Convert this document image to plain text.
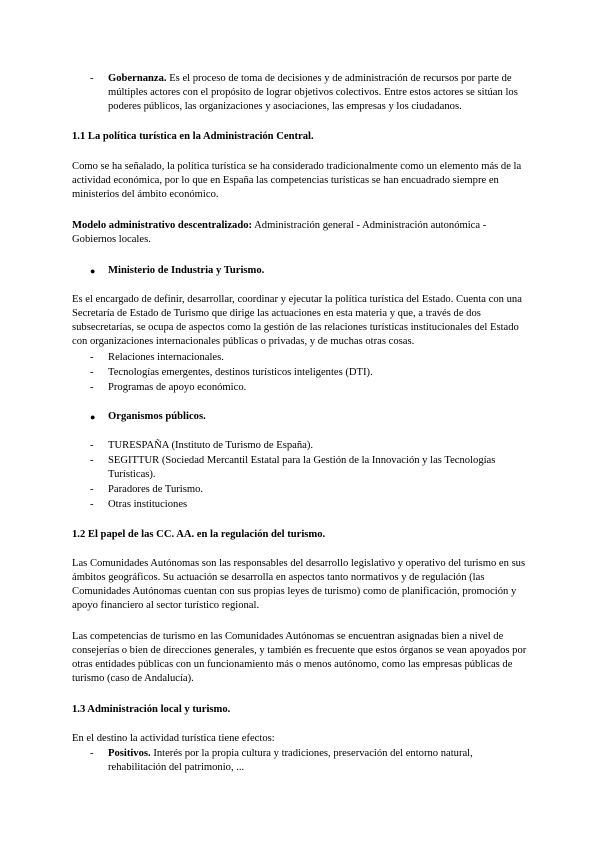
-	Gobernanza. Es el proceso de toma de decisiones y de administración de recursos por parte de múltiples actores con el propósito de lograr objetivos colectivos. Entre estos actores se sitúan los poderes públicos, las organizaciones y asociaciones, las empresas y los ciudadanos.
1.1 La política turística en la Administración Central.
Como se ha señalado, la política turística se ha considerado tradicionalmente como un elemento más de la actividad económica, por lo que en España las competencias turísticas se han encuadrado siempre en ministerios del ámbito económico.
Modelo administrativo descentralizado: Administración general - Administración autonómica - Gobiernos locales.
● Ministerio de Industria y Turismo.
Es el encargado de definir, desarrollar, coordinar y ejecutar la política turística del Estado. Cuenta con una Secretaría de Estado de Turismo que dirige las actuaciones en esta materia y que, a través de dos subsecretarías, se ocupa de aspectos como la gestión de las relaciones turísticas institucionales del Estado con organizaciones internacionales públicas o privadas, y de muchas otras cosas.
-	Relaciones internacionales.
-	Tecnologías emergentes, destinos turísticos inteligentes (DTI).
-	Programas de apoyo económico.
● Organismos públicos.
-	TURESPAÑA (Instituto de Turismo de España).
-	SEGITTUR (Sociedad Mercantil Estatal para la Gestión de la Innovación y las Tecnologías Turísticas).
-	Paradores de Turismo.
-	Otras instituciones
1.2 El papel de las CC. AA. en la regulación del turismo.
Las Comunidades Autónomas son las responsables del desarrollo legislativo y operativo del turismo en sus ámbitos geográficos. Su actuación se desarrolla en aspectos tanto normativos y de regulación (las Comunidades Autónomas cuentan con sus propias leyes de turismo) como de planificación, promoción y apoyo financiero al sector turístico regional.
Las competencias de turismo en las Comunidades Autónomas se encuentran asignadas bien a nivel de consejerías o bien de direcciones generales, y también es frecuente que estos órganos se vean apoyados por otras entidades públicas con un funcionamiento más o menos autónomo, como las empresas públicas de turismo (caso de Andalucía).
1.3 Administración local y turismo.
En el destino la actividad turística tiene efectos:
-	Positivos. Interés por la propia cultura y tradiciones, preservación del entorno natural, rehabilitación del patrimonio, ...
